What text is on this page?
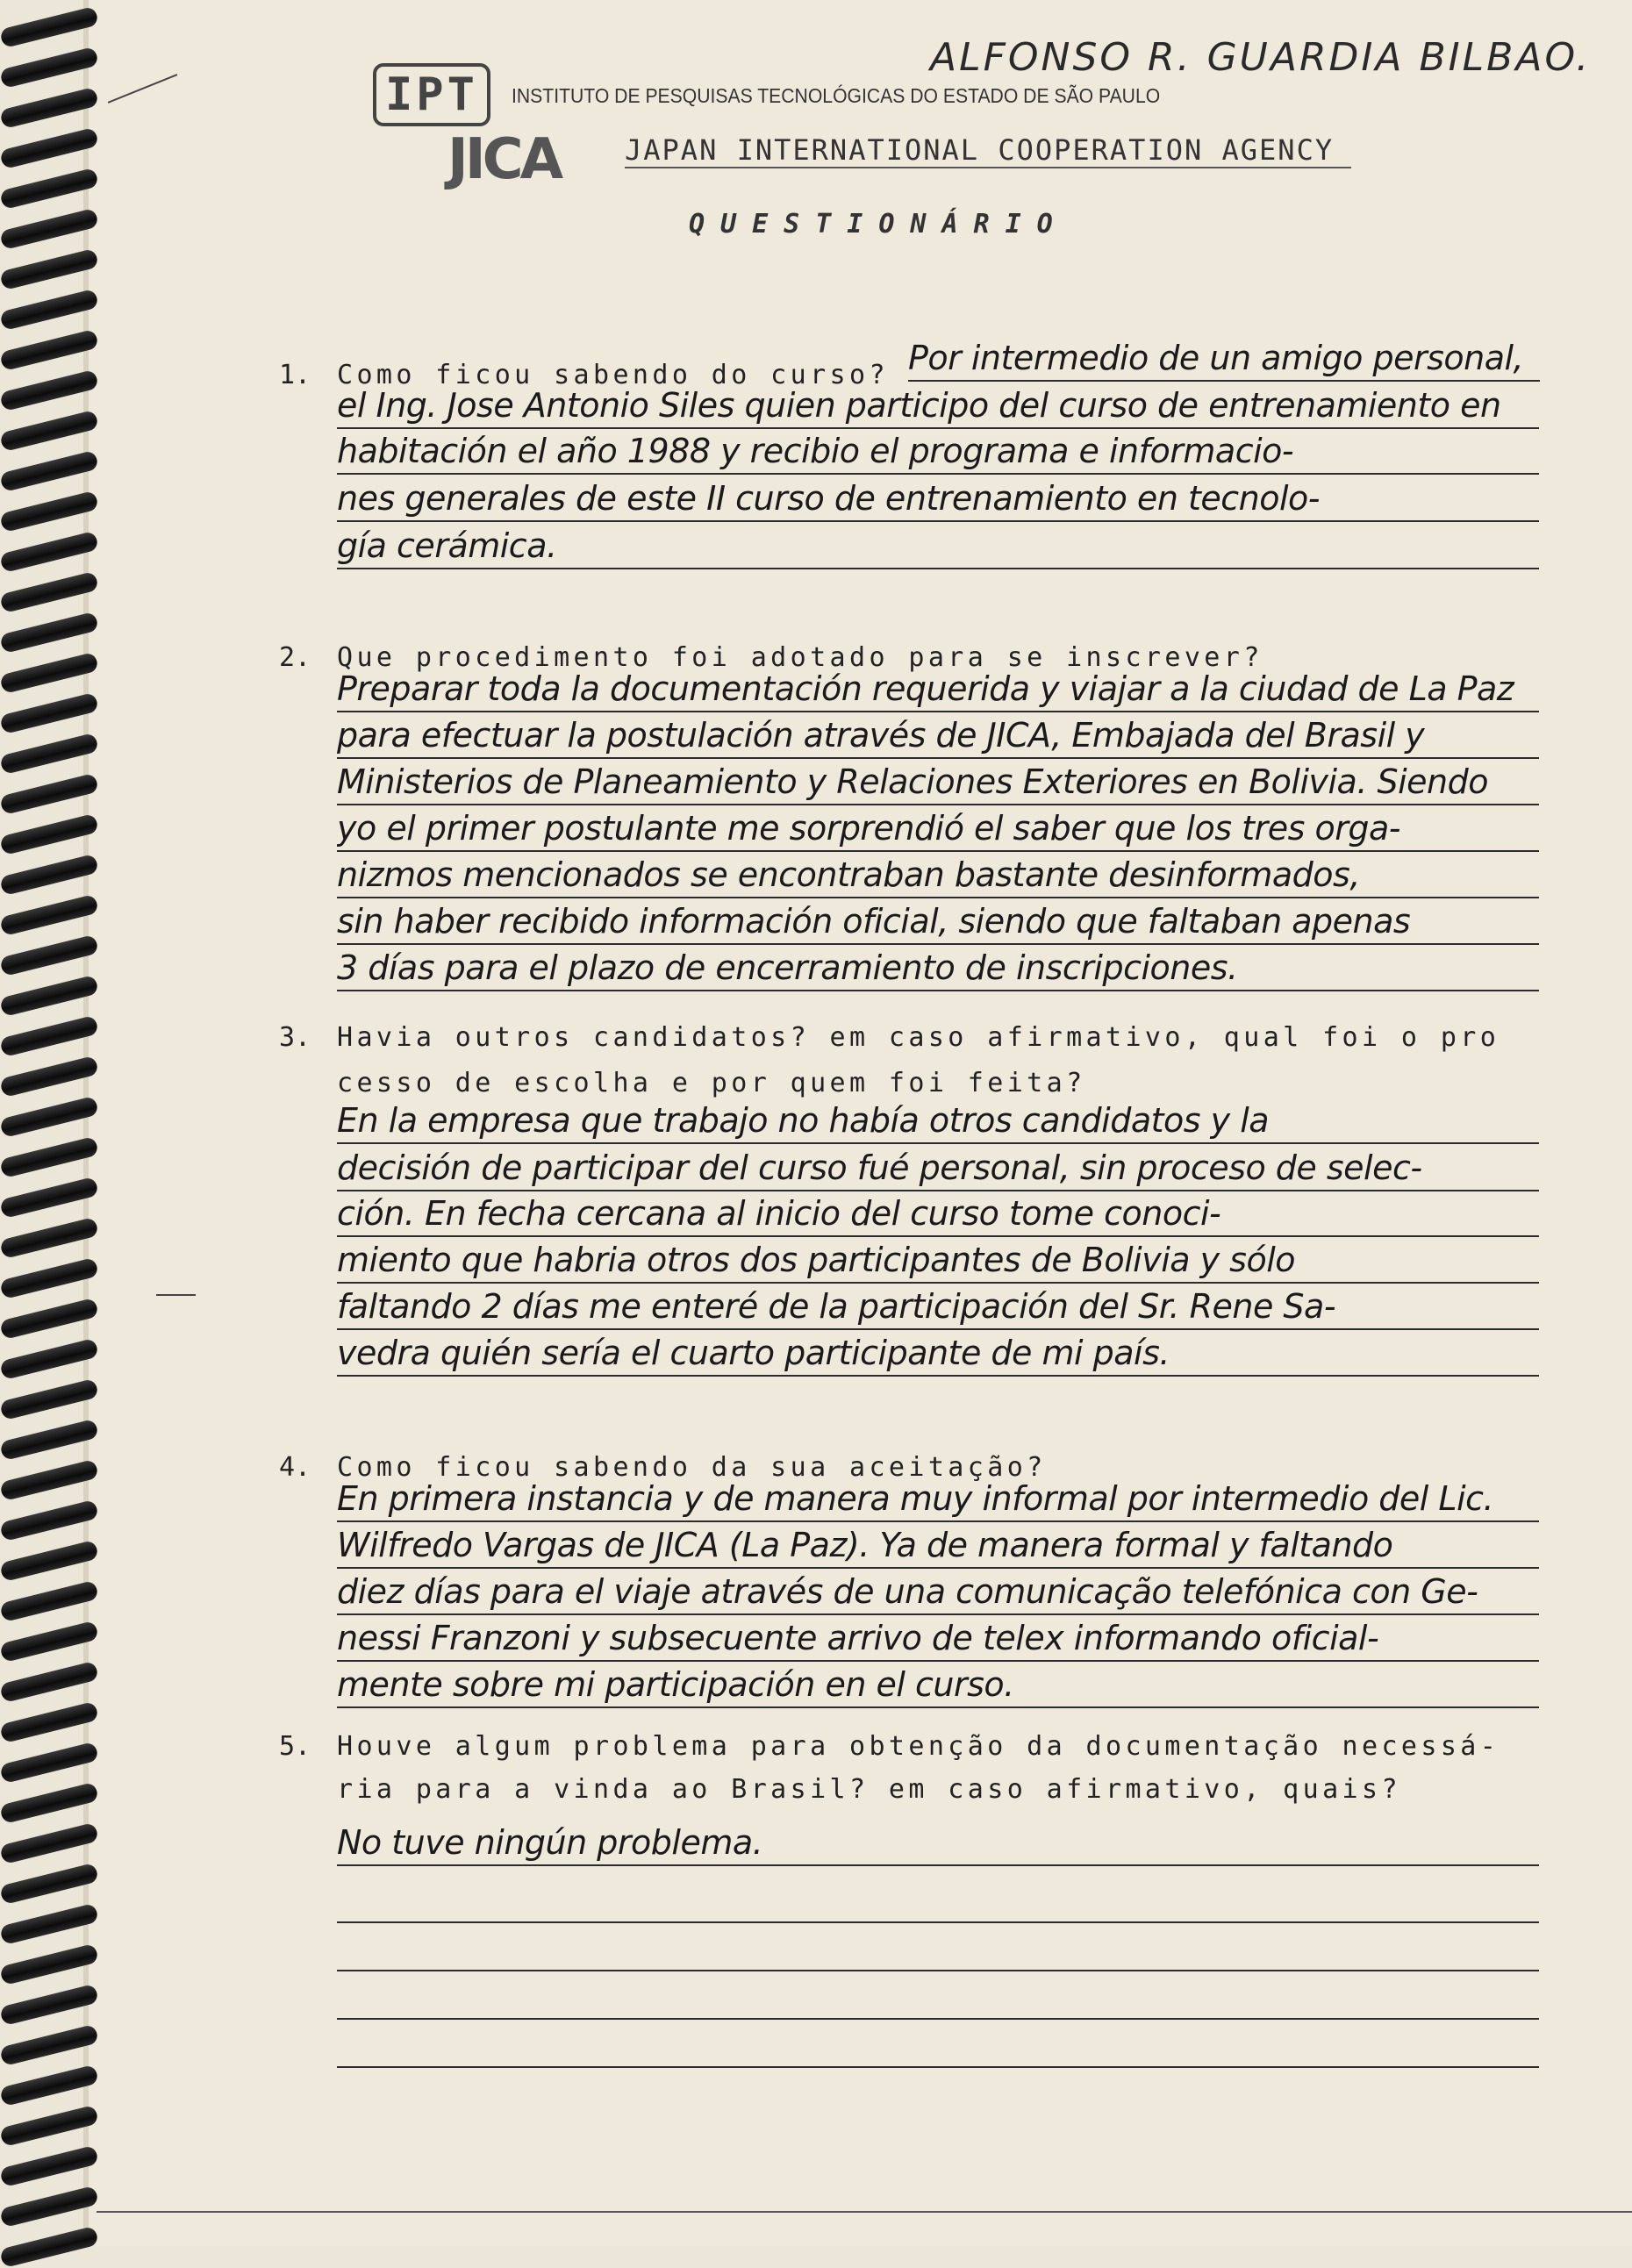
ALFONSO R. GUARDIA BILBAO.
IPT	INSTITUTO DE PESQUISAS TECNOLÓGICAS DO ESTADO DE SÃO PAULO
JICA JAPAN INTERNATIONAL COOPERATION AGENCY
QUESTIONÁRIO
1. Como ficou sabendo do curso? Por intermedio de un amigo personal,
el Ing. Jose Antonio Siles quien participo del curso de entrenamiento en
habitación el año 1988 y recibio el programa e informacio-
nes generales de este II curso de entrenamiento en tecnolo-
gía cerámica.
2. Que procedimento foi adotado para se inscrever?
Preparar toda la documentación requerida y viajar a la ciudad de La Paz
para efectuar la postulación através de JICA, Embajada del Brasil y
Ministerios de Planeamiento y Relaciones Exteriores en Bolivia. Siendo
yo el primer postulante me sorprendió el saber que los tres orga-
nizmos mencionados se encontraban bastante desinformados,
sin haber recibido información oficial, siendo que faltaban apenas
3 días para el plazo de encerramiento de inscripciones.
3. Havia outros candidatos? em caso afirmativo, qual foi o pro
cesso de escolha e por quem foi feita?
En la empresa que trabajo no había otros candidatos y la
decisión de participar del curso fué personal, sin proceso de selec-
ción. En fecha cercana al inicio del curso tome conoci-
miento que habria otros dos participantes de Bolivia y sólo
faltando 2 días me enteré de la participación del Sr. Rene Sa-
vedra quién sería el cuarto participante de mi país.
4. Como ficou sabendo da sua aceitação?
En primera instancia y de manera muy informal por intermedio del Lic.
Wilfredo Vargas de JICA (La Paz). Ya de manera formal y faltando
diez días para el viaje através de una comunicação telefónica con Ge-
nessi Franzoni y subsecuente arrivo de telex informando oficial-
mente sobre mi participación en el curso.
5. Houve algum problema para obtenção da documentação necessá-
ria para a vinda ao Brasil? em caso afirmativo, quais?
No tuve ningún problema.
